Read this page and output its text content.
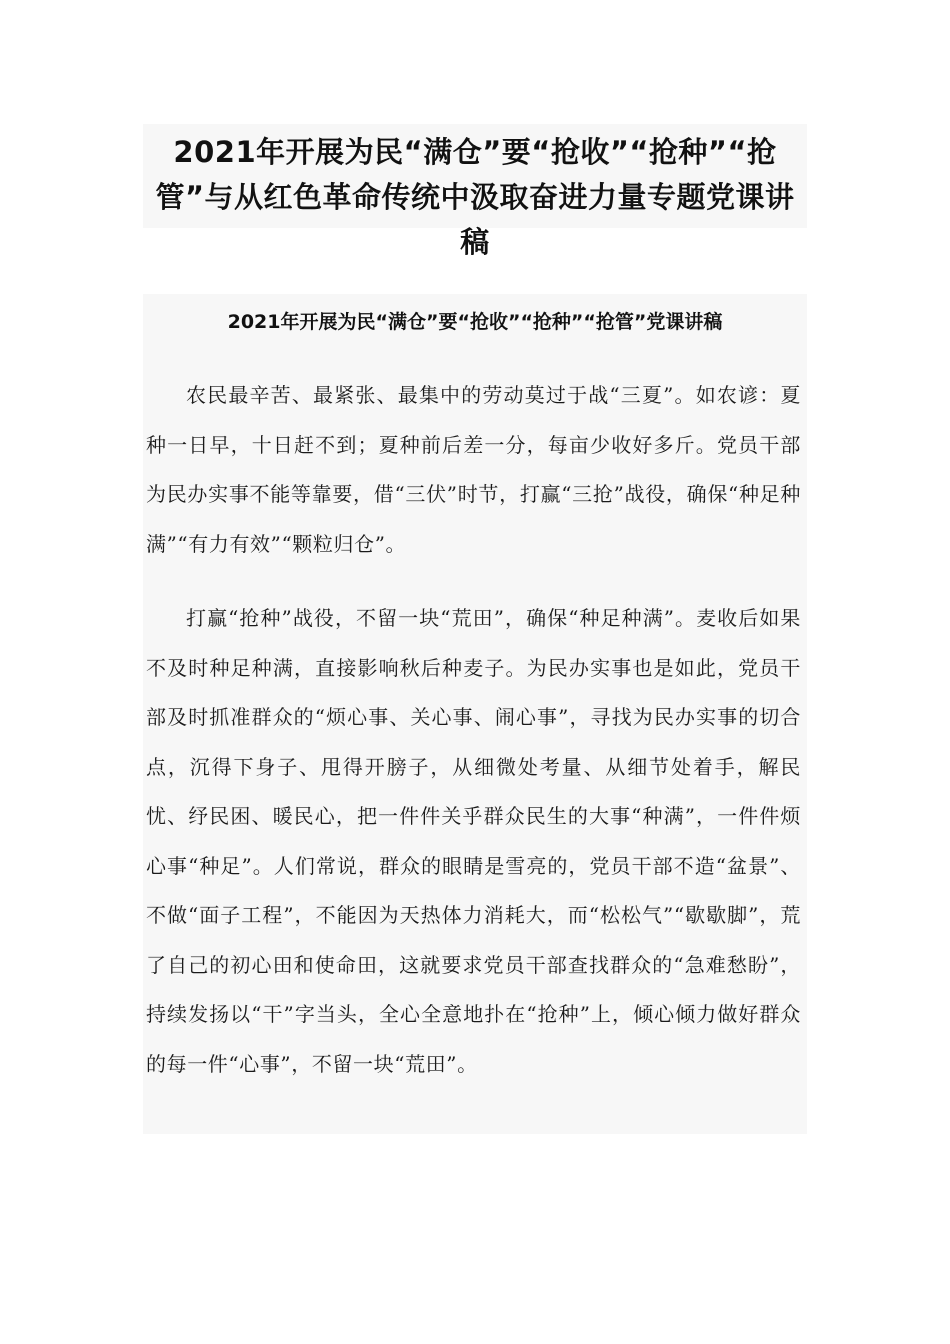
2021年开展为民“满仓”要“抢收”“抢种”“抢管”与从红色革命传统中汲取奋进力量专题党课讲稿
2021年开展为民“满仓”要“抢收”“抢种”“抢管”党课讲稿

农民最辛苦、最紧张、最集中的劳动莫过于战“三夏”。如农谚：夏种一日早，十日赶不到；夏种前后差一分，每亩少收好多斤。党员干部为民办实事不能等靠要，借“三伏”时节，打赢“三抢”战役，确保“种足种满”“有力有效”“颗粒归仓”。

打赢“抢种”战役，不留一块“荒田”，确保“种足种满”。麦收后如果不及时种足种满，直接影响秋后种麦子。为民办实事也是如此，党员干部及时抓准群众的“烦心事、关心事、闹心事”，寻找为民办实事的切合点，沉得下身子、甩得开膀子，从细微处考量、从细节处着手，解民忧、纾民困、暖民心，把一件件关乎群众民生的大事“种满”，一件件烦心事“种足”。人们常说，群众的眼睛是雪亮的，党员干部不造“盆景”、不做“面子工程”，不能因为天热体力消耗大，而“松松气”“歇歇脚”，荒了自己的初心田和使命田，这就要求党员干部查找群众的“急难愁盼”，持续发扬以“干”字当头，全心全意地扑在“抢种”上，倾心倾力做好群众的每一件“心事”，不留一块“荒田”。
